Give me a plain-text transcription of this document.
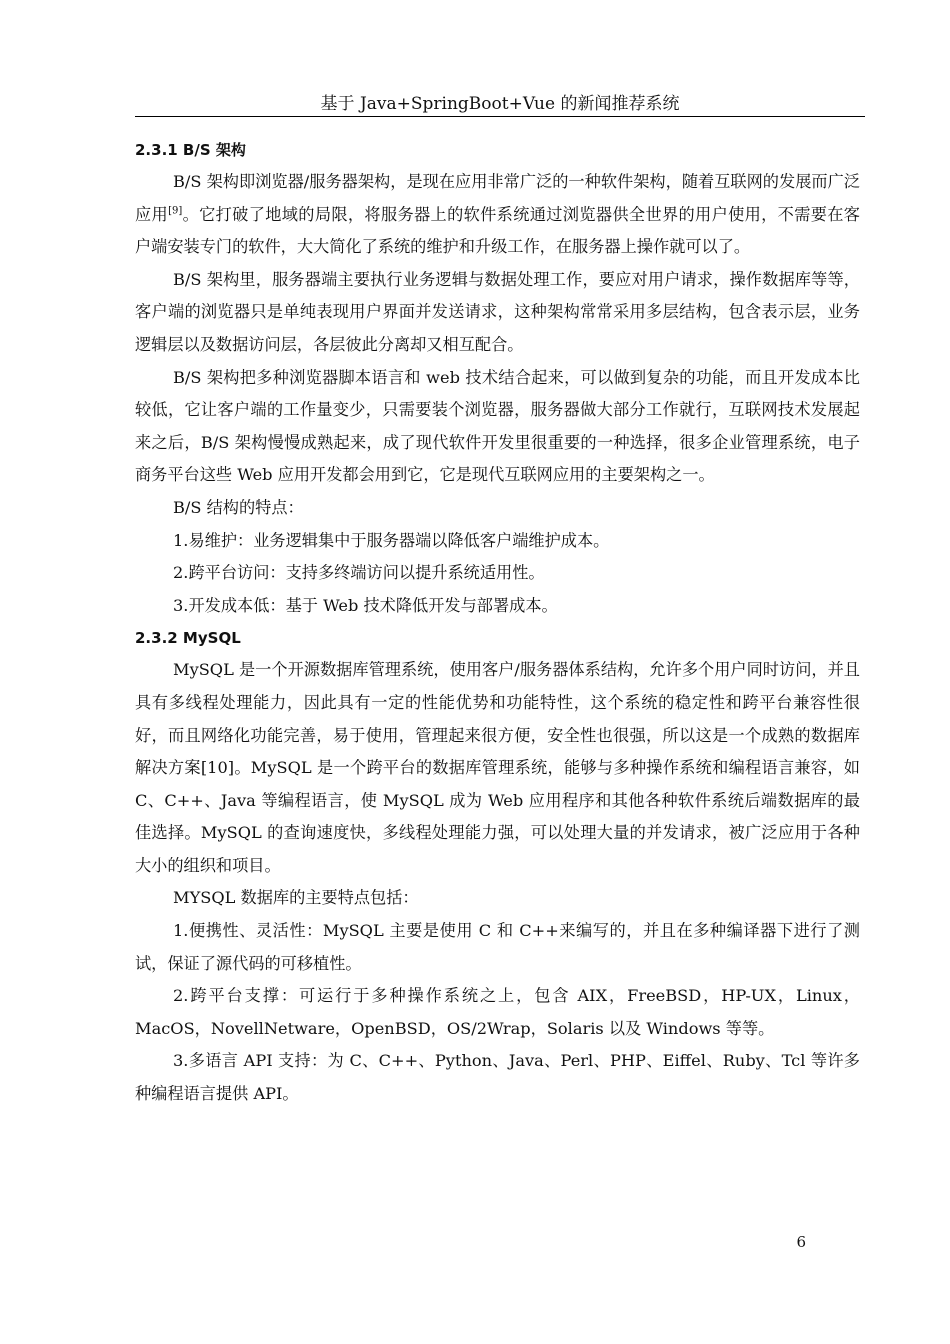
基于 Java+SpringBoot+Vue 的新闻推荐系统
2.3.1 B/S 架构

B/S 架构即浏览器/服务器架构，是现在应用非常广泛的一种软件架构，随着互联网的发展而广泛应用[9]。它打破了地域的局限，将服务器上的软件系统通过浏览器供全世界的用户使用，不需要在客户端安装专门的软件，大大简化了系统的维护和升级工作，在服务器上操作就可以了。

B/S 架构里，服务器端主要执行业务逻辑与数据处理工作，要应对用户请求，操作数据库等等，客户端的浏览器只是单纯表现用户界面并发送请求，这种架构常常采用多层结构，包含表示层，业务逻辑层以及数据访问层，各层彼此分离却又相互配合。

B/S 架构把多种浏览器脚本语言和 web 技术结合起来，可以做到复杂的功能，而且开发成本比较低，它让客户端的工作量变少，只需要装个浏览器，服务器做大部分工作就行，互联网技术发展起来之后，B/S 架构慢慢成熟起来，成了现代软件开发里很重要的一种选择，很多企业管理系统，电子商务平台这些 Web 应用开发都会用到它，它是现代互联网应用的主要架构之一。

B/S 结构的特点：

1.易维护：业务逻辑集中于服务器端以降低客户端维护成本。

2.跨平台访问：支持多终端访问以提升系统适用性。

3.开发成本低：基于 Web 技术降低开发与部署成本。

2.3.2 MySQL

MySQL 是一个开源数据库管理系统，使用客户/服务器体系结构，允许多个用户同时访问，并且具有多线程处理能力，因此具有一定的性能优势和功能特性，这个系统的稳定性和跨平台兼容性很好，而且网络化功能完善，易于使用，管理起来很方便，安全性也很强，所以这是一个成熟的数据库解决方案[10]。MySQL 是一个跨平台的数据库管理系统，能够与多种操作系统和编程语言兼容，如 C、C++、Java 等编程语言，使 MySQL 成为 Web 应用程序和其他各种软件系统后端数据库的最佳选择。MySQL 的查询速度快，多线程处理能力强，可以处理大量的并发请求，被广泛应用于各种大小的组织和项目。

MYSQL 数据库的主要特点包括：

1.便携性、灵活性：MySQL 主要是使用 C 和 C++来编写的，并且在多种编译器下进行了测试，保证了源代码的可移植性。

2.跨平台支撑：可运行于多种操作系统之上，包含 AIX，FreeBSD，HP-UX，Linux，MacOS，NovellNetware，OpenBSD，OS/2Wrap，Solaris 以及 Windows 等等。

3.多语言 API 支持：为 C、C++、Python、Java、Perl、PHP、Eiffel、Ruby、Tcl 等许多种编程语言提供 API。

6
